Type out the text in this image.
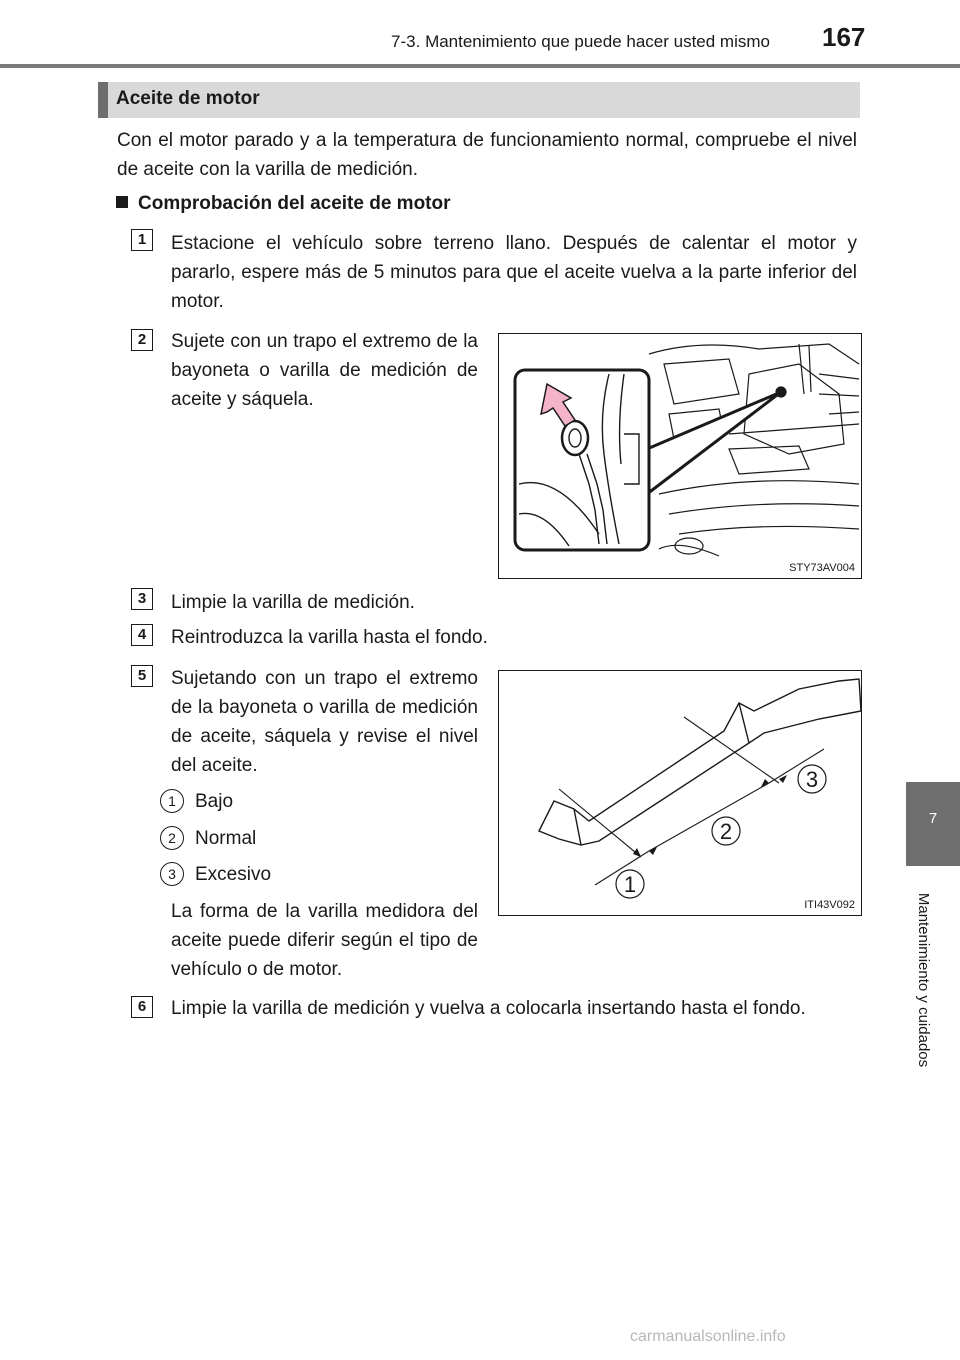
7-3. Mantenimiento que puede hacer usted mismo 167
Aceite de motor

Con el motor parado y a la temperatura de funcionamiento normal, compruebe el nivel de aceite con la varilla de medición.

Comprobación del aceite de motor
1	Estacione el vehículo sobre terreno llano. Después de calentar el motor y pararlo, espere más de 5 minutos para que el aceite vuelva a la parte inferior del motor.

2	Sujete con un trapo el extremo de la bayoneta o varilla de medición de aceite y sáquela.

STY73AV004
3	Limpie la varilla de medición.

4	Reintroduzca la varilla hasta el fondo.

5	Sujetando con un trapo el extremo de la bayoneta o varilla de medición de aceite, sáquela y revise el nivel del aceite.

1	Bajo
2	Normal
3	Excesivo

La forma de la varilla medidora del aceite puede diferir según el tipo de vehículo o de motor.

1
2
3
ITI43V092
6	Limpie la varilla de medición y vuelva a colocarla insertando hasta el fondo.

7
Mantenimiento y cuidados
carmanualsonline.info
